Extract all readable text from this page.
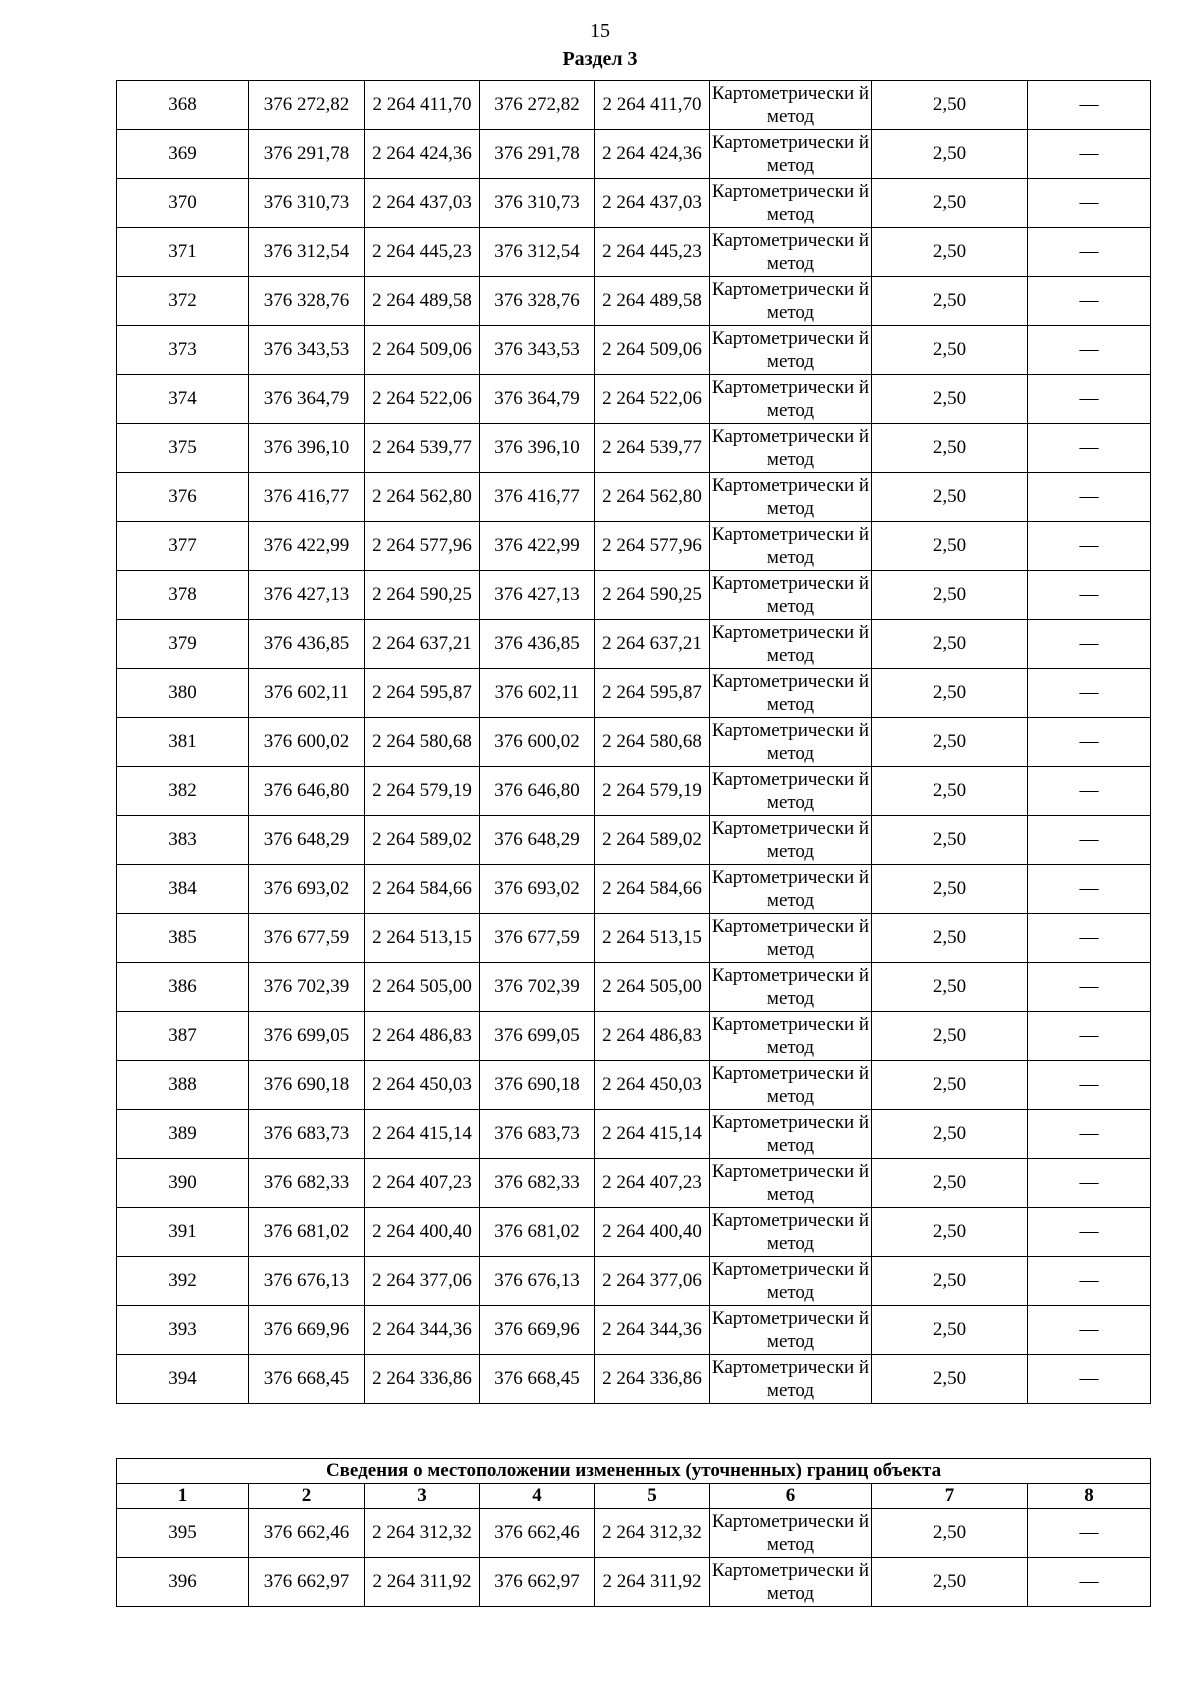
15
Раздел 3
368	376 272,82	2 264 411,70	376 272,82	2 264 411,70	Картометрически й метод	2,50	—
369	376 291,78	2 264 424,36	376 291,78	2 264 424,36	Картометрически й метод	2,50	—
370	376 310,73	2 264 437,03	376 310,73	2 264 437,03	Картометрически й метод	2,50	—
371	376 312,54	2 264 445,23	376 312,54	2 264 445,23	Картометрически й метод	2,50	—
372	376 328,76	2 264 489,58	376 328,76	2 264 489,58	Картометрически й метод	2,50	—
373	376 343,53	2 264 509,06	376 343,53	2 264 509,06	Картометрически й метод	2,50	—
374	376 364,79	2 264 522,06	376 364,79	2 264 522,06	Картометрически й метод	2,50	—
375	376 396,10	2 264 539,77	376 396,10	2 264 539,77	Картометрически й метод	2,50	—
376	376 416,77	2 264 562,80	376 416,77	2 264 562,80	Картометрически й метод	2,50	—
377	376 422,99	2 264 577,96	376 422,99	2 264 577,96	Картометрически й метод	2,50	—
378	376 427,13	2 264 590,25	376 427,13	2 264 590,25	Картометрически й метод	2,50	—
379	376 436,85	2 264 637,21	376 436,85	2 264 637,21	Картометрически й метод	2,50	—
380	376 602,11	2 264 595,87	376 602,11	2 264 595,87	Картометрически й метод	2,50	—
381	376 600,02	2 264 580,68	376 600,02	2 264 580,68	Картометрически й метод	2,50	—
382	376 646,80	2 264 579,19	376 646,80	2 264 579,19	Картометрически й метод	2,50	—
383	376 648,29	2 264 589,02	376 648,29	2 264 589,02	Картометрически й метод	2,50	—
384	376 693,02	2 264 584,66	376 693,02	2 264 584,66	Картометрически й метод	2,50	—
385	376 677,59	2 264 513,15	376 677,59	2 264 513,15	Картометрически й метод	2,50	—
386	376 702,39	2 264 505,00	376 702,39	2 264 505,00	Картометрически й метод	2,50	—
387	376 699,05	2 264 486,83	376 699,05	2 264 486,83	Картометрически й метод	2,50	—
388	376 690,18	2 264 450,03	376 690,18	2 264 450,03	Картометрически й метод	2,50	—
389	376 683,73	2 264 415,14	376 683,73	2 264 415,14	Картометрически й метод	2,50	—
390	376 682,33	2 264 407,23	376 682,33	2 264 407,23	Картометрически й метод	2,50	—
391	376 681,02	2 264 400,40	376 681,02	2 264 400,40	Картометрически й метод	2,50	—
392	376 676,13	2 264 377,06	376 676,13	2 264 377,06	Картометрически й метод	2,50	—
393	376 669,96	2 264 344,36	376 669,96	2 264 344,36	Картометрически й метод	2,50	—
394	376 668,45	2 264 336,86	376 668,45	2 264 336,86	Картометрически й метод	2,50	—
Сведения о местоположении измененных (уточненных) границ объекта							
1	2	3	4	5	6	7	8
395	376 662,46	2 264 312,32	376 662,46	2 264 312,32	Картометрически й метод	2,50	—
396	376 662,97	2 264 311,92	376 662,97	2 264 311,92	Картометрически й метод	2,50	—
